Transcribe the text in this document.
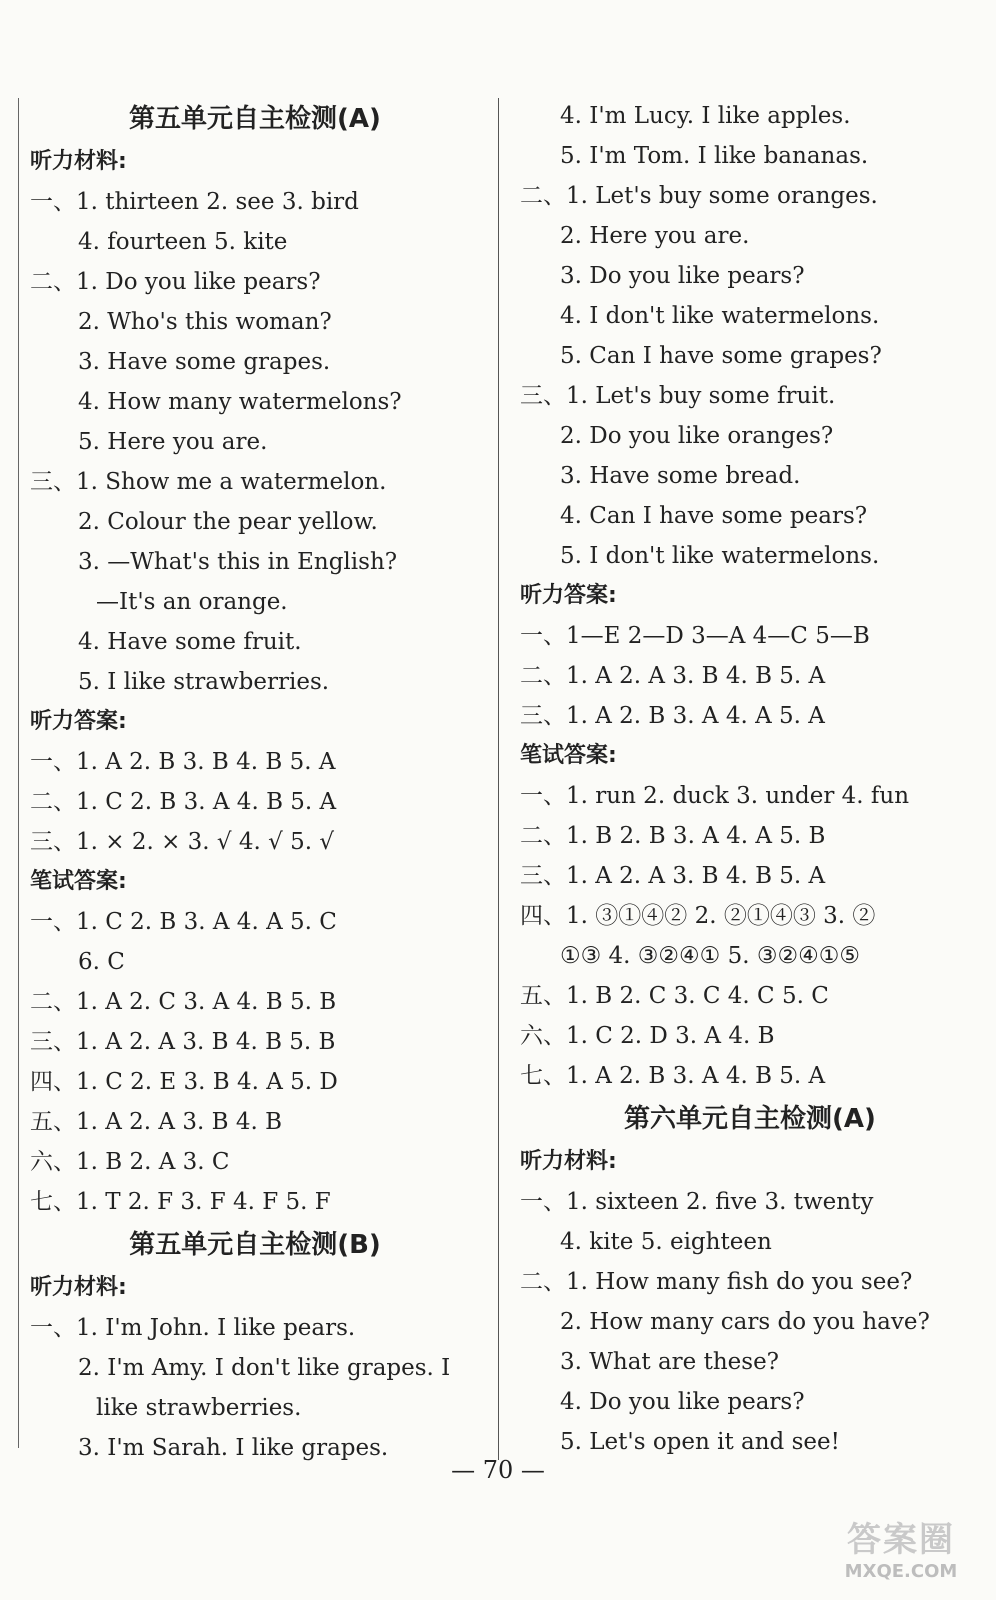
第五单元自主检测(A)
听力材料:
一、1. thirteen 2. see 3. bird
4. fourteen 5. kite
二、1. Do you like pears?
2. Who's this woman?
3. Have some grapes.
4. How many watermelons?
5. Here you are.
三、1. Show me a watermelon.
2. Colour the pear yellow.
3. —What's this in English?
—It's an orange.
4. Have some fruit.
5. I like strawberries.
听力答案:
一、1. A 2. B 3. B 4. B 5. A
二、1. C 2. B 3. A 4. B 5. A
三、1. × 2. × 3. √ 4. √ 5. √
笔试答案:
一、1. C 2. B 3. A 4. A 5. C
6. C
二、1. A 2. C 3. A 4. B 5. B
三、1. A 2. A 3. B 4. B 5. B
四、1. C 2. E 3. B 4. A 5. D
五、1. A 2. A 3. B 4. B
六、1. B 2. A 3. C
七、1. T 2. F 3. F 4. F 5. F
第五单元自主检测(B)
听力材料:
一、1. I'm John. I like pears.
2. I'm Amy. I don't like grapes. I
like strawberries.
3. I'm Sarah. I like grapes.
4. I'm Lucy. I like apples.
5. I'm Tom. I like bananas.
二、1. Let's buy some oranges.
2. Here you are.
3. Do you like pears?
4. I don't like watermelons.
5. Can I have some grapes?
三、1. Let's buy some fruit.
2. Do you like oranges?
3. Have some bread.
4. Can I have some pears?
5. I don't like watermelons.
听力答案:
一、1—E 2—D 3—A 4—C 5—B
二、1. A 2. A 3. B 4. B 5. A
三、1. A 2. B 3. A 4. A 5. A
笔试答案:
一、1. run 2. duck 3. under 4. fun
二、1. B 2. B 3. A 4. A 5. B
三、1. A 2. A 3. B 4. B 5. A
四、1. ③①④② 2. ②①④③ 3. ②
①③ 4. ③②④① 5. ③②④①⑤
五、1. B 2. C 3. C 4. C 5. C
六、1. C 2. D 3. A 4. B
七、1. A 2. B 3. A 4. B 5. A
第六单元自主检测(A)
听力材料:
一、1. sixteen 2. five 3. twenty
4. kite 5. eighteen
二、1. How many fish do you see?
2. How many cars do you have?
3. What are these?
4. Do you like pears?
5. Let's open it and see!
— 70 —
答案圈
MXQE.COM
